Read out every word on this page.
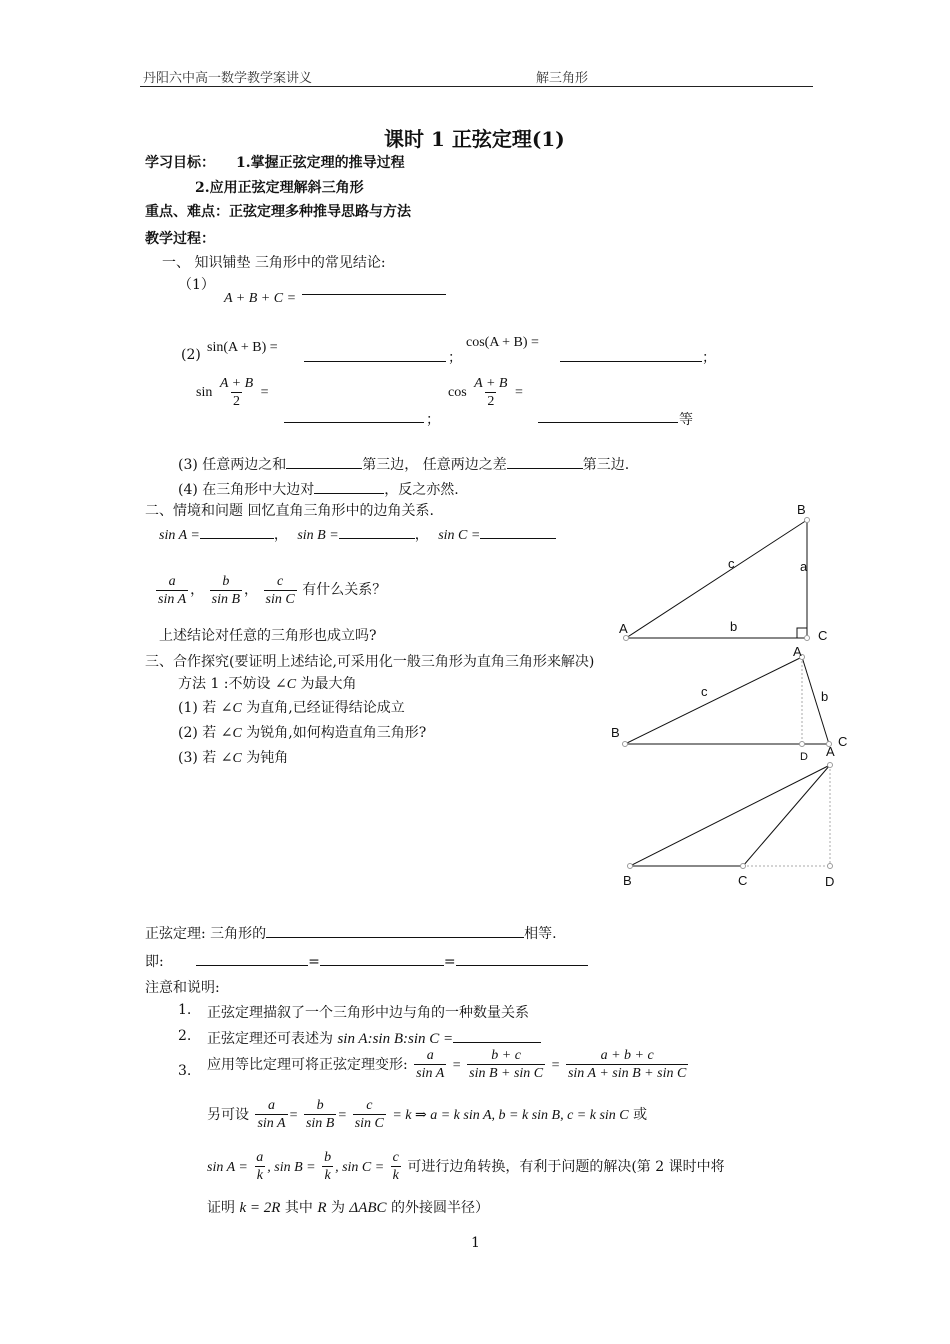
丹阳六中高一数学教学案讲义	解三角形
课时 1 正弦定理(1)
学习目标： 1.掌握正弦定理的推导过程
2.应用正弦定理解斜三角形
重点、难点：正弦定理多种推导思路与方法
教学过程：
一、 知识铺垫 三角形中的常见结论:
（1）
A + B + C =
(2) sin(A + B) =
；
cos(A + B) =
；
$\sin \frac{A + B}{2}$ =
；
$\cos \frac{A + B}{2}$ =
等
(3) 任意两边之和	第三边， 任意两边之差	第三边.
(4) 在三角形中大边对	，反之亦然.
二、情境和问题 回忆直角三角形中的边角关系.
sin A =	， sin B =	， sin C =
$\frac{a}{\text{sin A}}$ ， $\frac{b}{\text{sin B}}$ ， $\frac{c}{\text{sin C}}$ 有什么关系？
上述结论对任意的三角形也成立吗?
三、合作探究(要证明上述结论,可采用化一般三角形为直角三角形来解决)
方法 1 :不妨设 ∠C 为最大角
(1) 若 ∠C 为直角,已经证得结论成立
(2) 若 ∠C 为锐角,如何构造直角三角形?
(3) 若 ∠C 为钝角
B
A	C
c	a
b
A
B
D A
C
c	b
B	C	D
正弦定理: 三角形的	相等.
即:	=	=
注意和说明:
1. 正弦定理描叙了一个三角形中边与角的一种数量关系
2. 正弦定理还可表述为 sin A:sin B:sin C =
3. 应用等比定理可将正弦定理变形: $\frac{a}{\text{sin A}} = \frac{b + c}{\text{sin B + sin C}} = \frac{a + b + c}{\text{sin A + sin B + sin C}}$
另可设 $\frac{a}{\text{sin A}} = \frac{b}{\text{sin B}} = \frac{c}{\text{sin C}} = k$ ⇒ a = k sin A, b = k sin B, c = k sin C 或
$\sin A = \frac{a}{k}$ , $\sin B = \frac{b}{k}$ , $\sin C = \frac{c}{k}$ 可进行边角转换，有利于问题的解决(第 2 课时中将
证明 k = 2R 其中 R 为 ΔABC 的外接圆半径）
1
